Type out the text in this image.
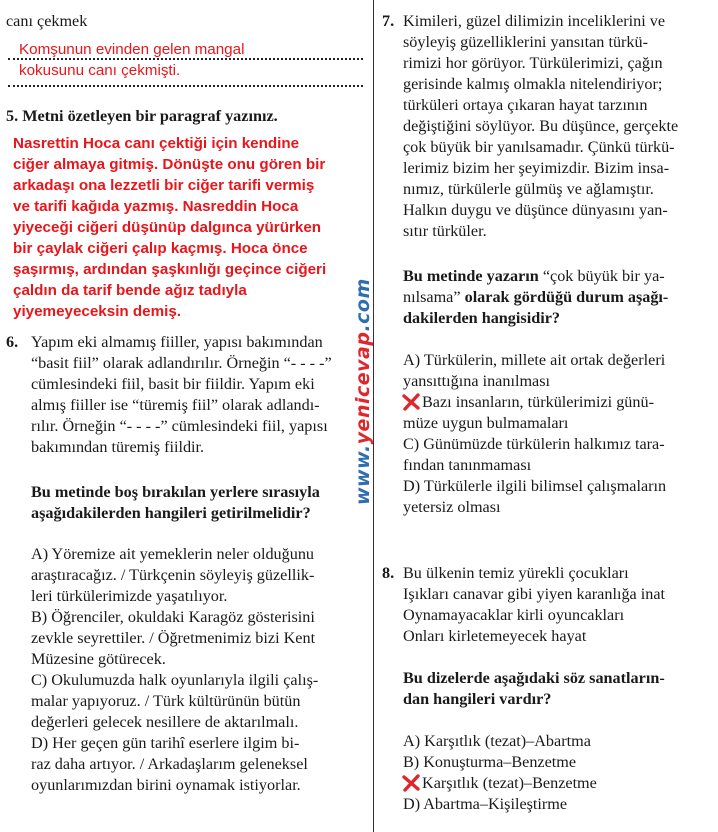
canı çekmek
Komşunun evinden gelen mangal
kokusunu canı çekmişti.
5. Metni özetleyen bir paragraf yazınız.
Nasrettin Hoca canı çektiği için kendine
ciğer almaya gitmiş. Dönüşte onu gören bir
arkadaşı ona lezzetli bir ciğer tarifi vermiş
ve tarifi kağıda yazmış. Nasreddin Hoca
yiyeceği ciğeri düşünüp dalgınca yürürken
bir çaylak ciğeri çalıp kaçmış. Hoca önce
şaşırmış, ardından şaşkınlığı geçince ciğeri
çaldın da tarif bende ağız tadıyla
yiyemeyeceksin demiş.
6. Yapım eki almamış fiiller, yapısı bakımından
“basit fiil” olarak adlandırılır. Örneğin “- - - -”
cümlesindeki fiil, basit bir fiildir. Yapım eki
almış fiiller ise “türemiş fiil” olarak adlandı-
rılır. Örneğin “- - - -” cümlesindeki fiil, yapısı
bakımından türemiş fiildir.
Bu metinde boş bırakılan yerlere sırasıyla
aşağıdakilerden hangileri getirilmelidir?
A) Yöremize ait yemeklerin neler olduğunu
araştıracağız. / Türkçenin söyleyiş güzellik-
leri türkülerimizde yaşatılıyor.
B) Öğrenciler, okuldaki Karagöz gösterisini
zevkle seyrettiler. / Öğretmenimiz bizi Kent
Müzesine götürecek.
C) Okulumuzda halk oyunlarıyla ilgili çalış-
malar yapıyoruz. / Türk kültürünün bütün
değerleri gelecek nesillere de aktarılmalı.
D) Her geçen gün tarihî eserlere ilgim bi-
raz daha artıyor. / Arkadaşlarım geleneksel
oyunlarımızdan birini oynamak istiyorlar.
www.yenicevap.com
7. Kimileri, güzel dilimizin inceliklerini ve
söyleyiş güzelliklerini yansıtan türkü-
rimizi hor görüyor. Türkülerimizi, çağın
gerisinde kalmış olmakla nitelendiriyor;
türküleri ortaya çıkaran hayat tarzının
değiştiğini söylüyor. Bu düşünce, gerçekte
çok büyük bir yanılsamadır. Çünkü türkü-
lerimiz bizim her şeyimizdir. Bizim insa-
nımız, türkülerle gülmüş ve ağlamıştır.
Halkın duygu ve düşünce dünyasını yan-
sıtır türküler.
Bu metinde yazarın “çok büyük bir ya-
nılsama” olarak gördüğü durum aşağı-
dakilerden hangisidir?
A) Türkülerin, millete ait ortak değerleri
yansıttığına inanılması
Bazı insanların, türkülerimizi günü-
müze uygun bulmamaları
C) Günümüzde türkülerin halkımız tara-
fından tanınmaması
D) Türkülerle ilgili bilimsel çalışmaların
yetersiz olması
8. Bu ülkenin temiz yürekli çocukları
Işıkları canavar gibi yiyen karanlığa inat
Oynamayacaklar kirli oyuncakları
Onları kirletemeyecek hayat
Bu dizelerde aşağıdaki söz sanatların-
dan hangileri vardır?
A) Karşıtlık (tezat)–Abartma
B) Konuşturma–Benzetme
Karşıtlık (tezat)–Benzetme
D) Abartma–Kişileştirme
